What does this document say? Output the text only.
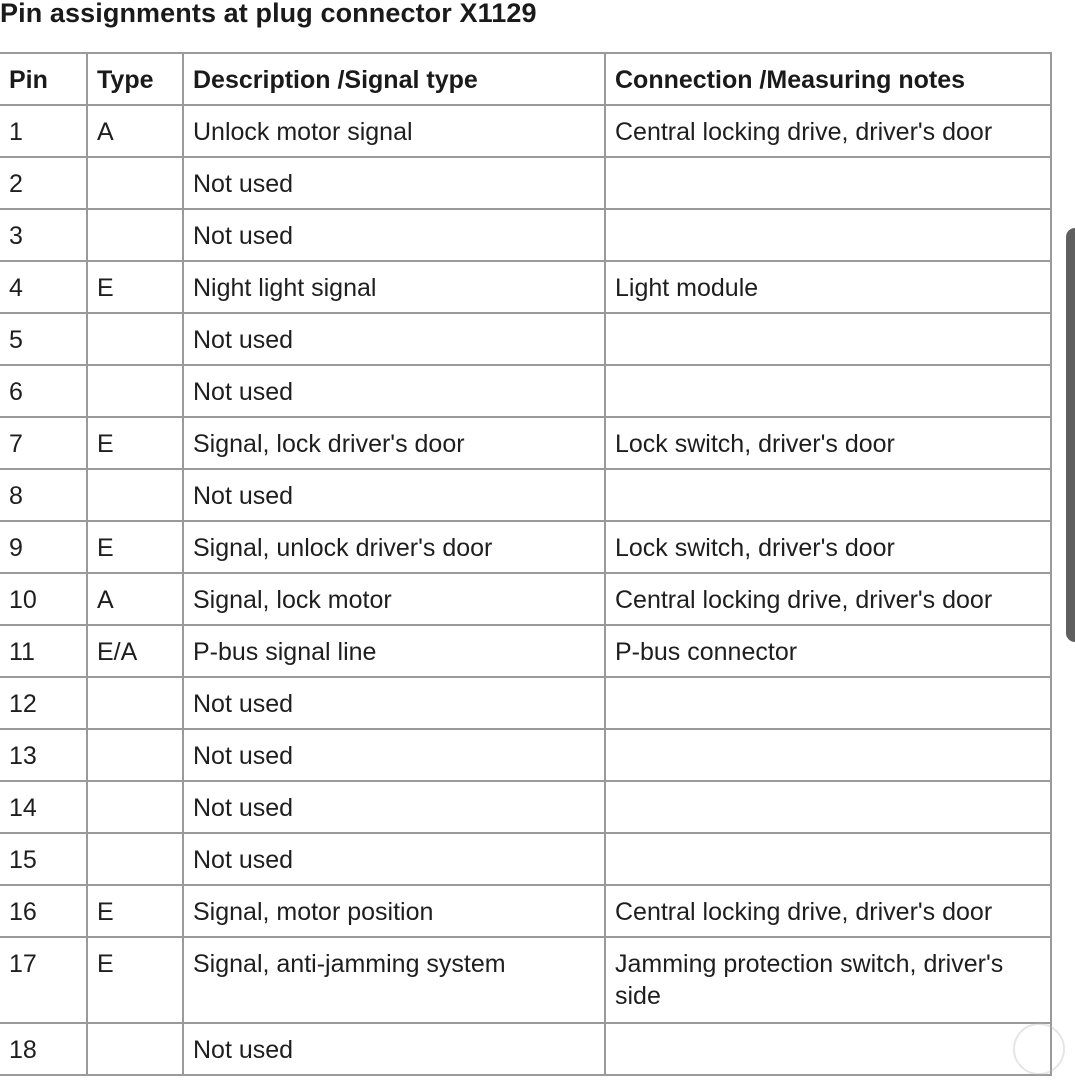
Pin assignments at plug connector X1129
Pin	Type	Description /Signal type	Connection /Measuring notes
1	A	Unlock motor signal	Central locking drive, driver's door
2		Not used	
3		Not used	
4	E	Night light signal	Light module
5		Not used	
6		Not used	
7	E	Signal, lock driver's door	Lock switch, driver's door
8		Not used	
9	E	Signal, unlock driver's door	Lock switch, driver's door
10	A	Signal, lock motor	Central locking drive, driver's door
11	E/A	P-bus signal line	P-bus connector
12		Not used	
13		Not used	
14		Not used	
15		Not used	
16	E	Signal, motor position	Central locking drive, driver's door
17	E	Signal, anti-jamming system	Jamming protection switch, driver's side
18		Not used	
